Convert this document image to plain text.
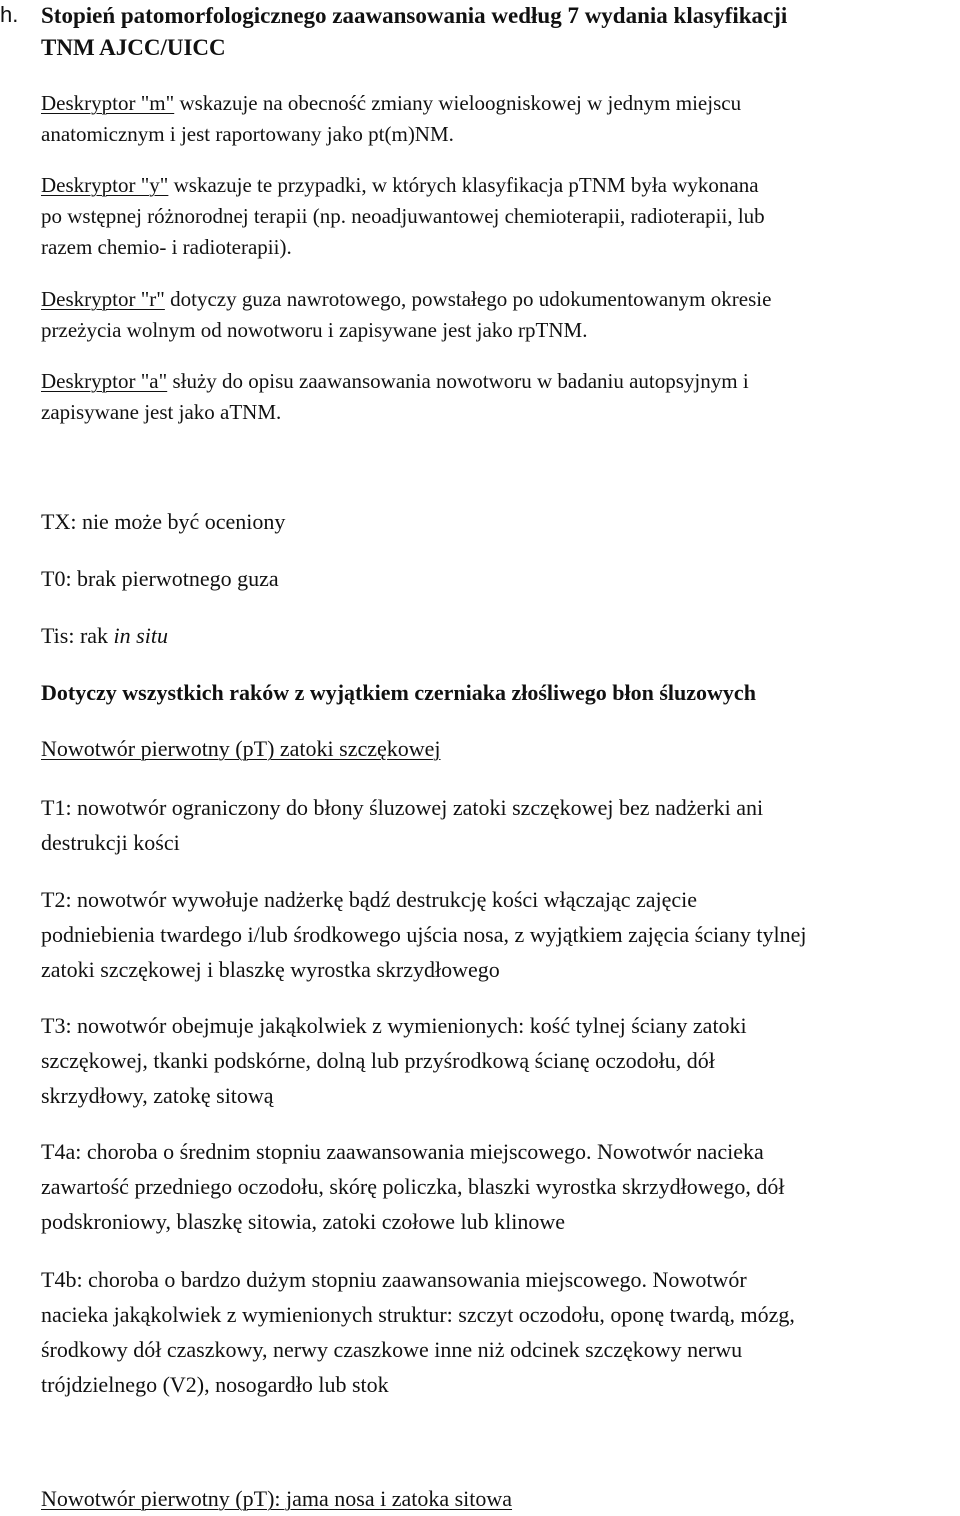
h. Stopień patomorfologicznego zaawansowania według 7 wydania klasyfikacji
TNM AJCC/UICC
Deskryptor "m" wskazuje na obecność zmiany wieloogniskowej w jednym miejscu
anatomicznym i jest raportowany jako pt(m)NM.
Deskryptor "y" wskazuje te przypadki, w których klasyfikacja pTNM była wykonana
po wstępnej różnorodnej terapii (np. neoadjuwantowej chemioterapii, radioterapii, lub
razem chemio- i radioterapii).
Deskryptor "r" dotyczy guza nawrotowego, powstałego po udokumentowanym okresie
przeżycia wolnym od nowotworu i zapisywane jest jako rpTNM.
Deskryptor "a" służy do opisu zaawansowania nowotworu w badaniu autopsyjnym i
zapisywane jest jako aTNM.
TX: nie może być oceniony
T0: brak pierwotnego guza
Tis: rak in situ
Dotyczy wszystkich raków z wyjątkiem czerniaka złośliwego błon śluzowych
Nowotwór pierwotny (pT) zatoki szczękowej
T1: nowotwór ograniczony do błony śluzowej zatoki szczękowej bez nadżerki ani
destrukcji kości
T2: nowotwór wywołuje nadżerkę bądź destrukcję kości włączając zajęcie
podniebienia twardego i/lub środkowego ujścia nosa, z wyjątkiem zajęcia ściany tylnej
zatoki szczękowej i blaszkę wyrostka skrzydłowego
T3: nowotwór obejmuje jakąkolwiek z wymienionych: kość tylnej ściany zatoki
szczękowej, tkanki podskórne, dolną lub przyśrodkową ścianę oczodołu, dół
skrzydłowy, zatokę sitową
T4a: choroba o średnim stopniu zaawansowania miejscowego. Nowotwór nacieka
zawartość przedniego oczodołu, skórę policzka, blaszki wyrostka skrzydłowego, dół
podskroniowy, blaszkę sitowia, zatoki czołowe lub klinowe
T4b: choroba o bardzo dużym stopniu zaawansowania miejscowego. Nowotwór
nacieka jakąkolwiek z wymienionych struktur: szczyt oczodołu, oponę twardą, mózg,
środkowy dół czaszkowy, nerwy czaszkowe inne niż odcinek szczękowy nerwu
trójdzielnego (V2), nosogardło lub stok
Nowotwór pierwotny (pT): jama nosa i zatoka sitowa
